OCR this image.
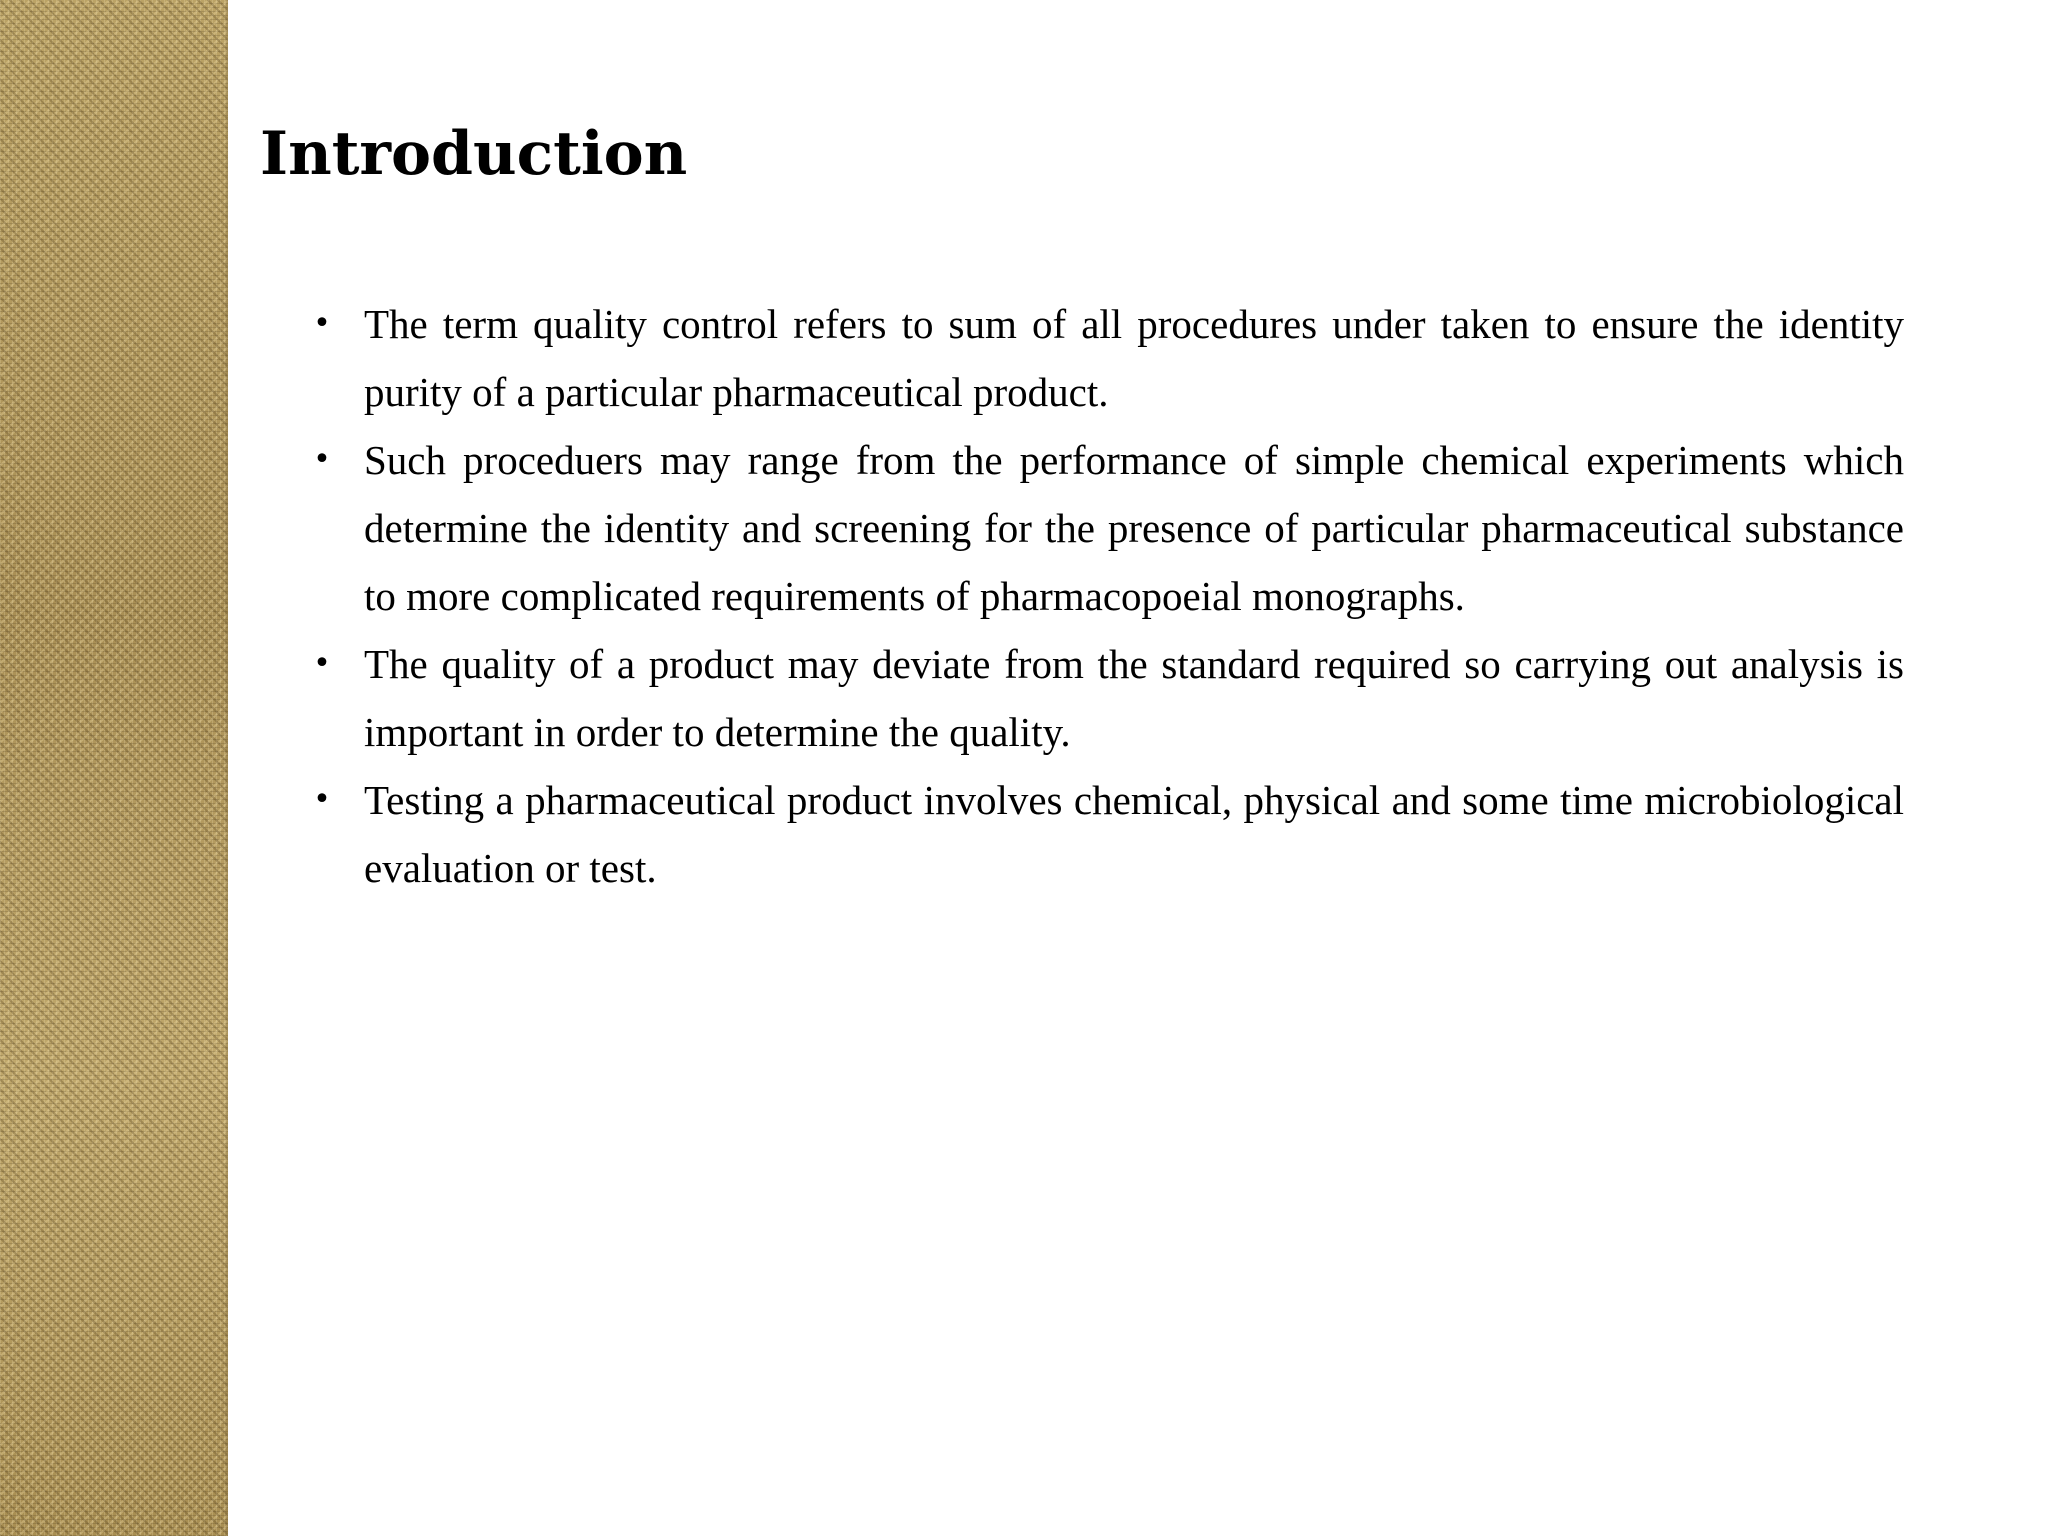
Introduction
• The term quality control refers to sum of all procedures under taken to ensure the identity purity of a particular pharmaceutical product.
• Such proceduers may range from the performance of simple chemical experiments which determine the identity and screening for the presence of particular pharmaceutical substance to more complicated requirements of pharmacopoeial monographs.
• The quality of a product may deviate from the standard required so carrying out analysis is important in order to determine the quality.
• Testing a pharmaceutical product involves chemical, physical and some time microbiological evaluation or test.
